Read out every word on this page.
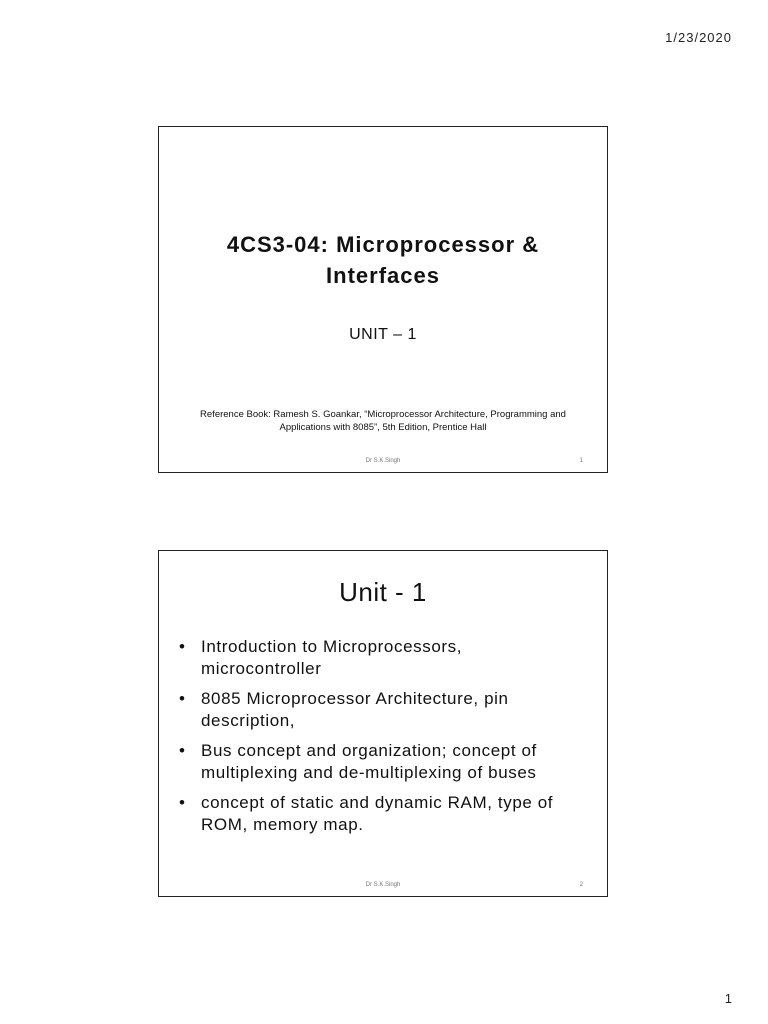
1/23/2020
4CS3-04: Microprocessor &
Interfaces
UNIT – 1
Reference Book: Ramesh S. Goankar, “Microprocessor Architecture, Programming and
Applications with 8085”, 5th Edition, Prentice Hall
Dr S.K.Singh	1
Unit - 1
• Introduction to Microprocessors,
microcontroller
• 8085 Microprocessor Architecture, pin
description,
• Bus concept and organization; concept of
multiplexing and de-multiplexing of buses
• concept of static and dynamic RAM, type of
ROM, memory map.
Dr S.K.Singh	2
1
